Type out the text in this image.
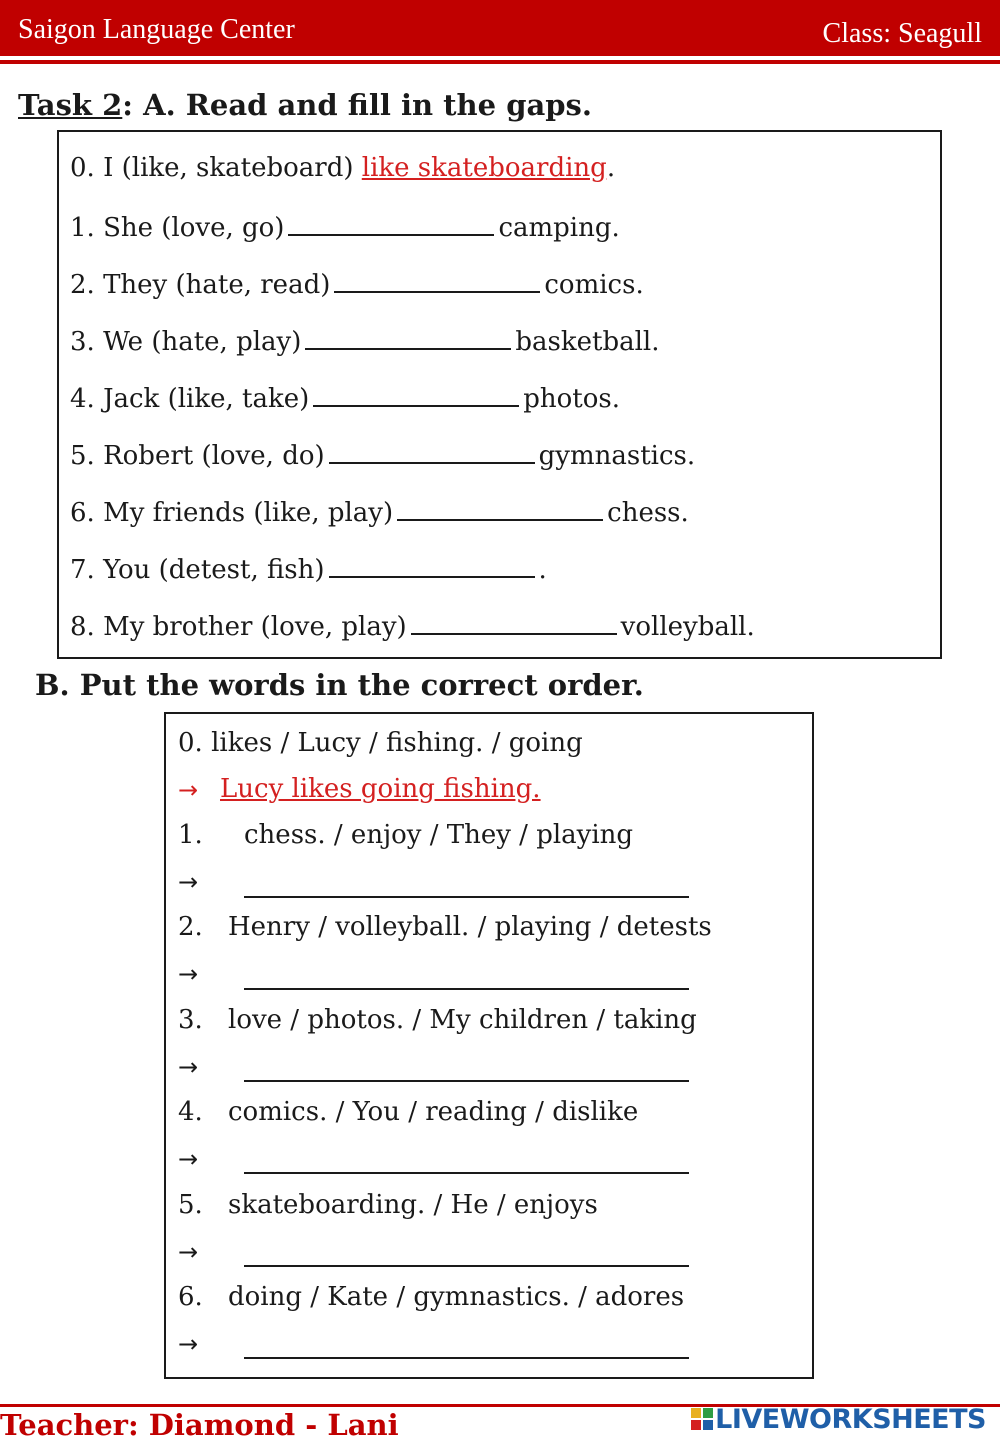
Saigon Language Center	Class: Seagull
Task 2: A. Read and fill in the gaps.
0. I (like, skateboard) like skateboarding.
1. She (love, go)	camping.
2. They (hate, read)	comics.
3. We (hate, play)	basketball.
4. Jack (like, take)	photos.
5. Robert (love, do)	gymnastics.
6. My friends (like, play)	chess.
7. You (detest, fish)	.
8. My brother (love, play)	volleyball.
B. Put the words in the correct order.
0. likes / Lucy / fishing. / going
→ Lucy likes going fishing.
1. chess. / enjoy / They / playing
→
2. Henry / volleyball. / playing / detests
→
3. love / photos. / My children / taking
→
4. comics. / You / reading / dislike
→
5. skateboarding. / He / enjoys
→
6. doing / Kate / gymnastics. / adores
→
Teacher: Diamond - Lani	LIVEWORKSHEETS
